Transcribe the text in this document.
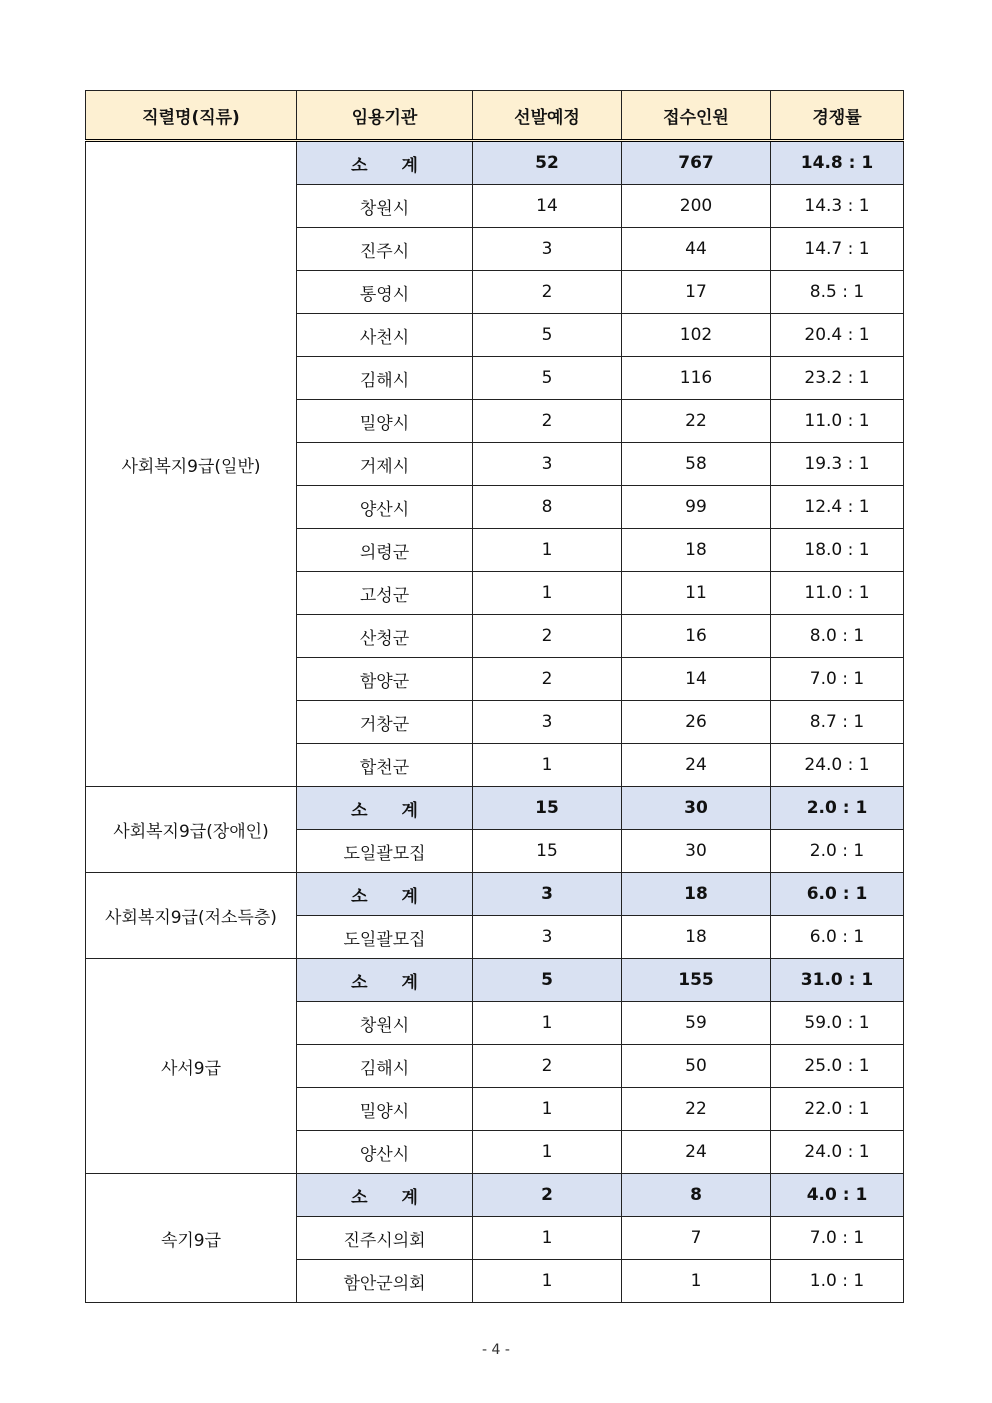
직렬명(직류)	임용기관	선발예정	접수인원	경쟁률
사회복지9급(일반)	소 계	52	767	14.8 : 1
	창원시	14	200	14.3 : 1
	진주시	3	44	14.7 : 1
	통영시	2	17	8.5 : 1
	사천시	5	102	20.4 : 1
	김해시	5	116	23.2 : 1
	밀양시	2	22	11.0 : 1
	거제시	3	58	19.3 : 1
	양산시	8	99	12.4 : 1
	의령군	1	18	18.0 : 1
	고성군	1	11	11.0 : 1
	산청군	2	16	8.0 : 1
	함양군	2	14	7.0 : 1
	거창군	3	26	8.7 : 1
	합천군	1	24	24.0 : 1
사회복지9급(장애인)	소 계	15	30	2.0 : 1
	도일괄모집	15	30	2.0 : 1
사회복지9급(저소득층)	소 계	3	18	6.0 : 1
	도일괄모집	3	18	6.0 : 1
사서9급	소 계	5	155	31.0 : 1
	창원시	1	59	59.0 : 1
	김해시	2	50	25.0 : 1
	밀양시	1	22	22.0 : 1
	양산시	1	24	24.0 : 1
속기9급	소 계	2	8	4.0 : 1
	진주시의회	1	7	7.0 : 1
	함안군의회	1	1	1.0 : 1
- 4 -
